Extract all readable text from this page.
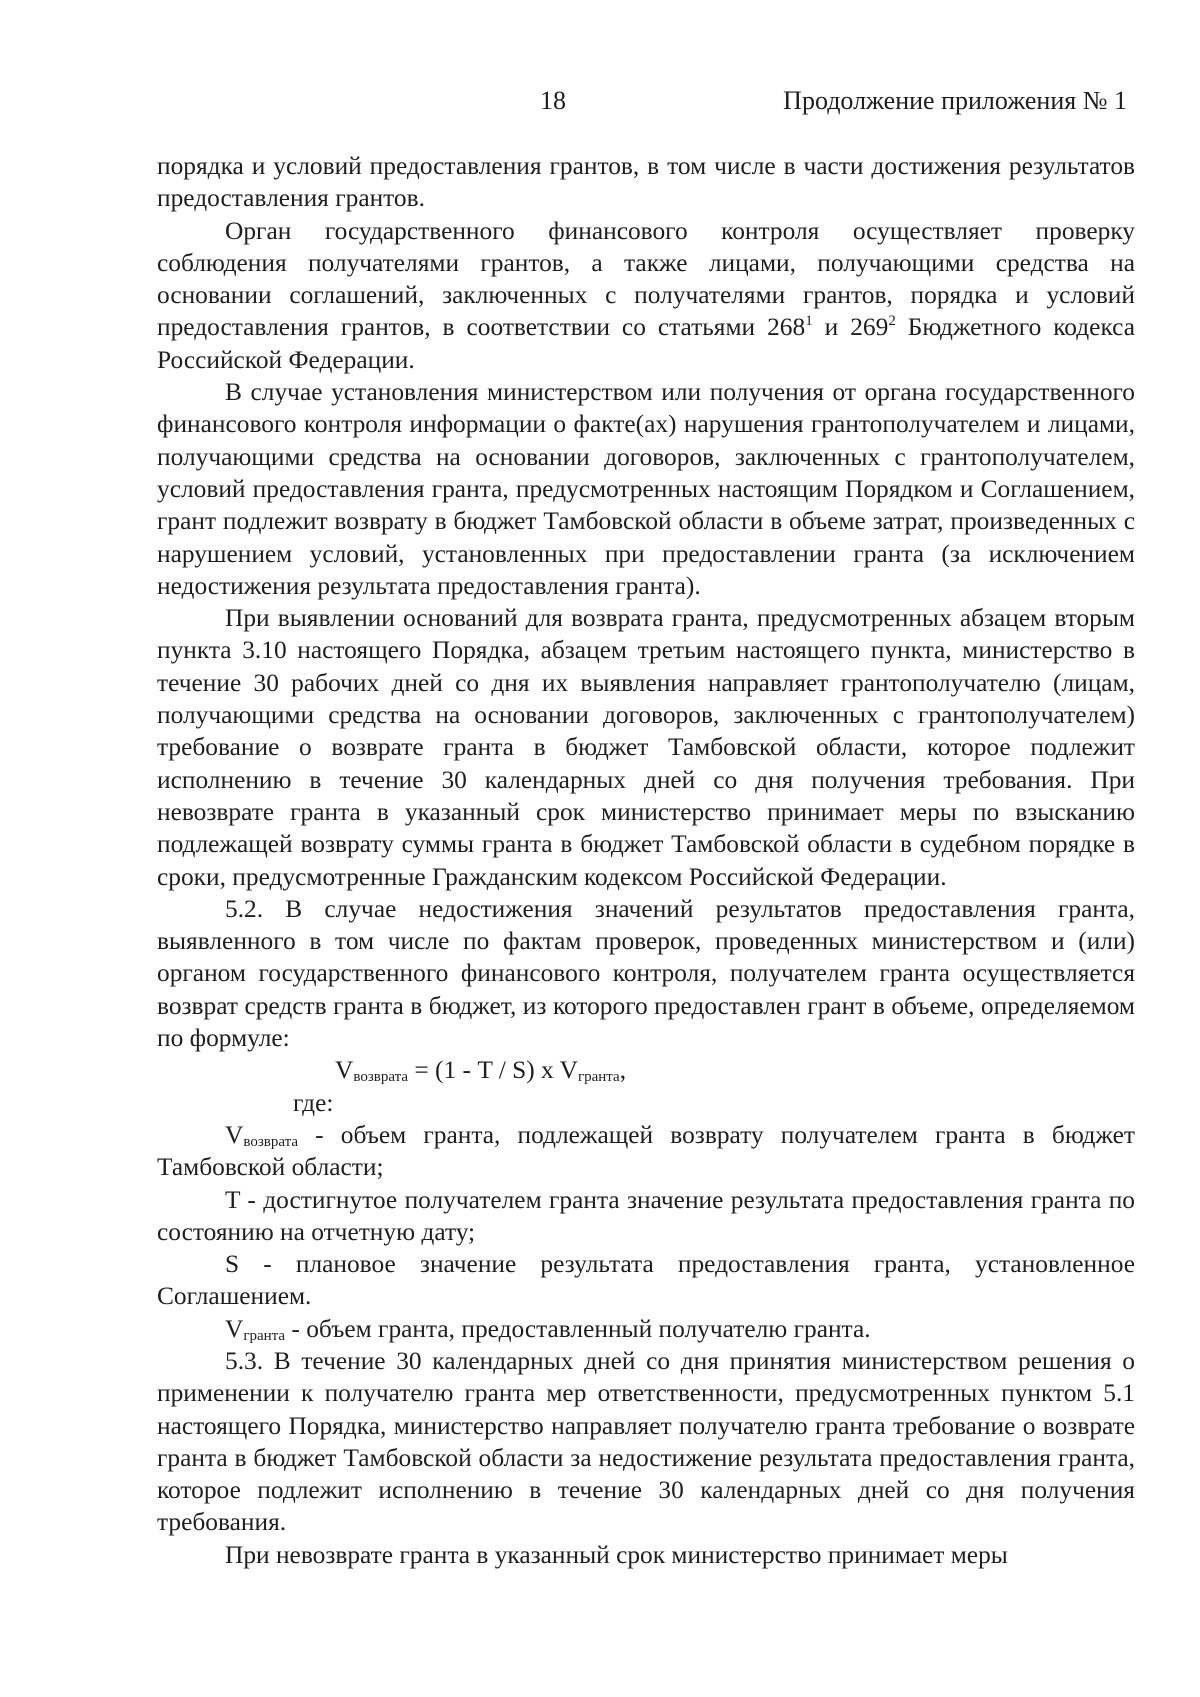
18	Продолжение приложения № 1

порядка и условий предоставления грантов, в том числе в части достижения результатов предоставления грантов.

Орган государственного финансового контроля осуществляет проверку соблюдения получателями грантов, а также лицами, получающими средства на основании соглашений, заключенных с получателями грантов, порядка и условий предоставления грантов, в соответствии со статьями $268^1$ и $269^2$ Бюджетного кодекса Российской Федерации.

В случае установления министерством или получения от органа государственного финансового контроля информации о факте(ах) нарушения грантополучателем и лицами, получающими средства на основании договоров, заключенных с грантополучателем, условий предоставления гранта, предусмотренных настоящим Порядком и Соглашением, грант подлежит возврату в бюджет Тамбовской области в объеме затрат, произведенных с нарушением условий, установленных при предоставлении гранта (за исключением недостижения результата предоставления гранта).

При выявлении оснований для возврата гранта, предусмотренных абзацем вторым пункта 3.10 настоящего Порядка, абзацем третьим настоящего пункта, министерство в течение 30 рабочих дней со дня их выявления направляет грантополучателю (лицам, получающими средства на основании договоров, заключенных с грантополучателем) требование о возврате гранта в бюджет Тамбовской области, которое подлежит исполнению в течение 30 календарных дней со дня получения требования. При невозврате гранта в указанный срок министерство принимает меры по взысканию подлежащей возврату суммы гранта в бюджет Тамбовской области в судебном порядке в сроки, предусмотренные Гражданским кодексом Российской Федерации.

5.2. В случае недостижения значений результатов предоставления гранта, выявленного в том числе по фактам проверок, проведенных министерством и (или) органом государственного финансового контроля, получателем гранта осуществляется возврат средств гранта в бюджет, из которого предоставлен грант в объеме, определяемом по формуле:

$V_{возврата} = (1 - T / S)$ x $V_{гранта}$,

где:

$V_{возврата}$ - объем гранта, подлежащей возврату получателем гранта в бюджет Тамбовской области;

T - достигнутое получателем гранта значение результата предоставления гранта по состоянию на отчетную дату;

S - плановое значение результата предоставления гранта, установленное Соглашением.

$V_{гранта}$ - объем гранта, предоставленный получателю гранта.

5.3. В течение 30 календарных дней со дня принятия министерством решения о применении к получателю гранта мер ответственности, предусмотренных пунктом 5.1 настоящего Порядка, министерство направляет получателю гранта требование о возврате гранта в бюджет Тамбовской области за недостижение результата предоставления гранта, которое подлежит исполнению в течение 30 календарных дней со дня получения требования.

При невозврате гранта в указанный срок министерство принимает меры
